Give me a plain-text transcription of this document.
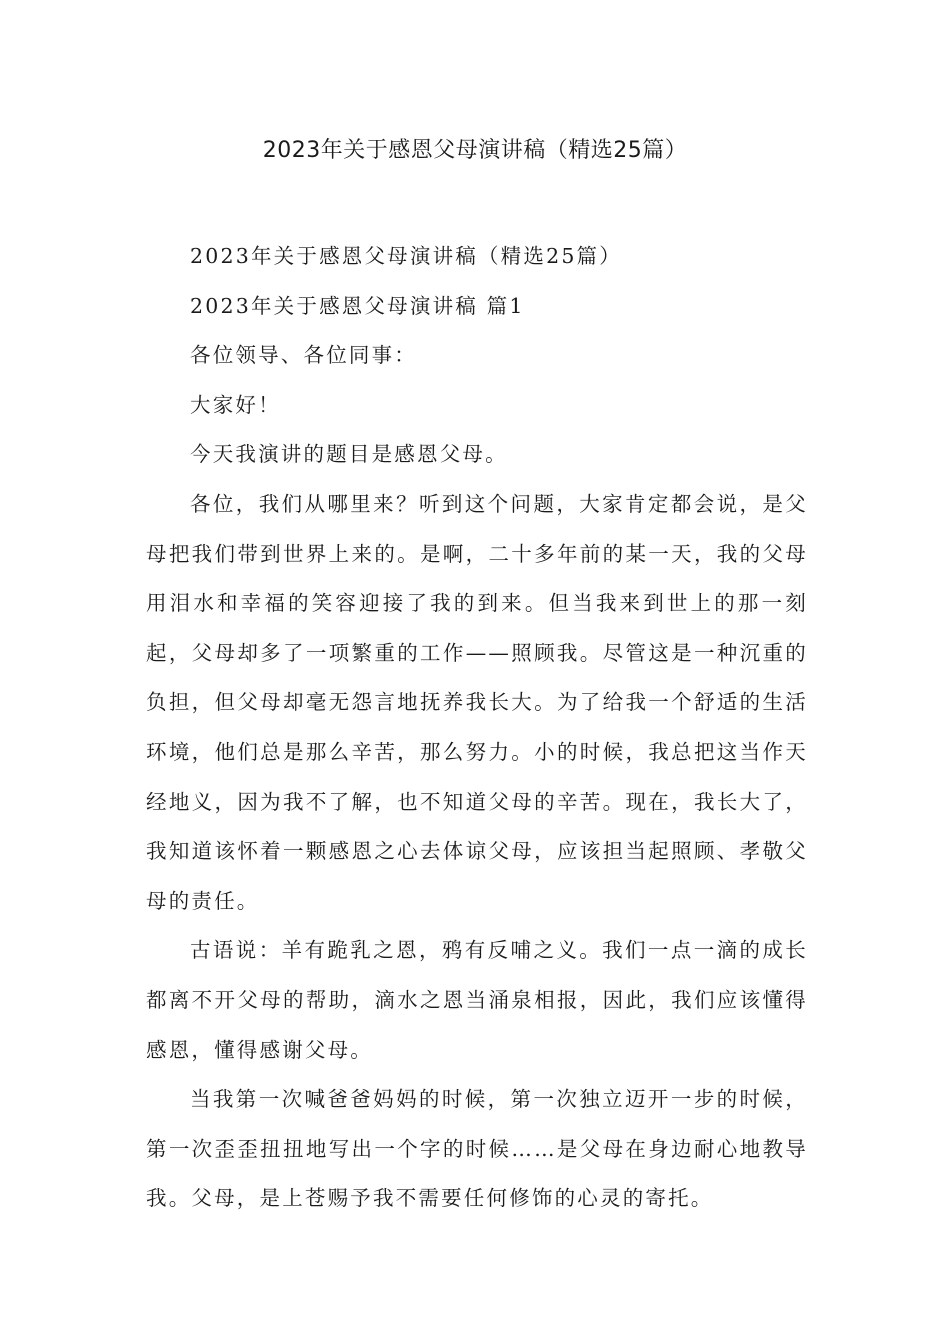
2023年关于感恩父母演讲稿（精选25篇）

2023年关于感恩父母演讲稿（精选25篇）

2023年关于感恩父母演讲稿 篇1

各位领导、各位同事：

大家好！

今天我演讲的题目是感恩父母。

各位，我们从哪里来？听到这个问题，大家肯定都会说，是父母把我们带到世界上来的。是啊，二十多年前的某一天，我的父母用泪水和幸福的笑容迎接了我的到来。但当我来到世上的那一刻起，父母却多了一项繁重的工作——照顾我。尽管这是一种沉重的负担，但父母却毫无怨言地抚养我长大。为了给我一个舒适的生活环境，他们总是那么辛苦，那么努力。小的时候，我总把这当作天经地义，因为我不了解，也不知道父母的辛苦。现在，我长大了，我知道该怀着一颗感恩之心去体谅父母，应该担当起照顾、孝敬父母的责任。

古语说：羊有跪乳之恩，鸦有反哺之义。我们一点一滴的成长都离不开父母的帮助，滴水之恩当涌泉相报，因此，我们应该懂得感恩，懂得感谢父母。

当我第一次喊爸爸妈妈的时候，第一次独立迈开一步的时候，第一次歪歪扭扭地写出一个字的时候……是父母在身边耐心地教导我。父母，是上苍赐予我不需要任何修饰的心灵的寄托。
